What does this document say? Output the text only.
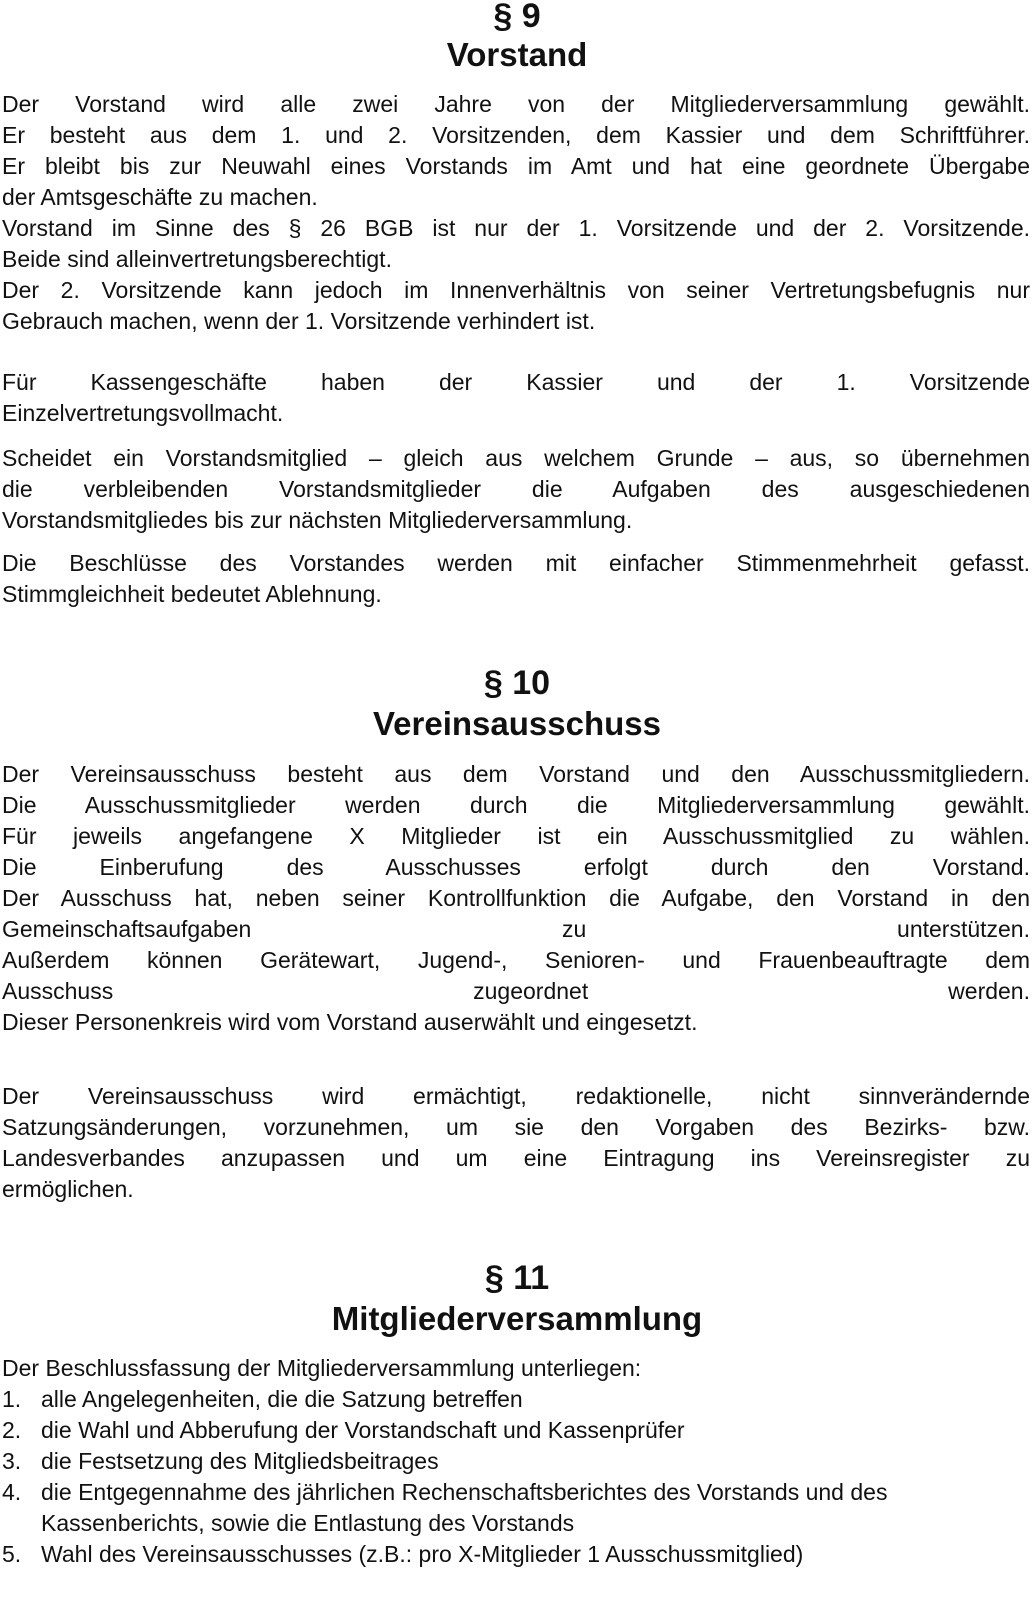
§ 9
Vorstand
Der Vorstand wird alle zwei Jahre von der Mitgliederversammlung gewählt.
Er besteht aus dem 1. und 2. Vorsitzenden, dem Kassier und dem Schriftführer.
Er bleibt bis zur Neuwahl eines Vorstands im Amt und hat eine geordnete Übergabe
der Amtsgeschäfte zu machen.
Vorstand im Sinne des § 26 BGB ist nur der 1. Vorsitzende und der 2. Vorsitzende.
Beide sind alleinvertretungsberechtigt.
Der 2. Vorsitzende kann jedoch im Innenverhältnis von seiner Vertretungsbefugnis nur
Gebrauch machen, wenn der 1. Vorsitzende verhindert ist.
Für Kassengeschäfte haben der Kassier und der 1. Vorsitzende
Einzelvertretungsvollmacht.
Scheidet ein Vorstandsmitglied – gleich aus welchem Grunde – aus, so übernehmen
die verbleibenden Vorstandsmitglieder die Aufgaben des ausgeschiedenen
Vorstandsmitgliedes bis zur nächsten Mitgliederversammlung.
Die Beschlüsse des Vorstandes werden mit einfacher Stimmenmehrheit gefasst.
Stimmgleichheit bedeutet Ablehnung.
§ 10
Vereinsausschuss
Der Vereinsausschuss besteht aus dem Vorstand und den Ausschussmitgliedern.
Die Ausschussmitglieder werden durch die Mitgliederversammlung gewählt.
Für jeweils angefangene X Mitglieder ist ein Ausschussmitglied zu wählen.
Die Einberufung des Ausschusses erfolgt durch den Vorstand.
Der Ausschuss hat, neben seiner Kontrollfunktion die Aufgabe, den Vorstand in den
Gemeinschaftsaufgaben zu unterstützen.
Außerdem können Gerätewart, Jugend-, Senioren- und Frauenbeauftragte dem
Ausschuss zugeordnet werden.
Dieser Personenkreis wird vom Vorstand auserwählt und eingesetzt.
Der Vereinsausschuss wird ermächtigt, redaktionelle, nicht sinnverändernde
Satzungsänderungen, vorzunehmen, um sie den Vorgaben des Bezirks- bzw.
Landesverbandes anzupassen und um eine Eintragung ins Vereinsregister zu
ermöglichen.
§ 11
Mitgliederversammlung
Der Beschlussfassung der Mitgliederversammlung unterliegen:
1. alle Angelegenheiten, die die Satzung betreffen
2. die Wahl und Abberufung der Vorstandschaft und Kassenprüfer
3. die Festsetzung des Mitgliedsbeitrages
4. die Entgegennahme des jährlichen Rechenschaftsberichtes des Vorstands und des
Kassenberichts, sowie die Entlastung des Vorstands
5. Wahl des Vereinsausschusses (z.B.: pro X-Mitglieder 1 Ausschussmitglied)
